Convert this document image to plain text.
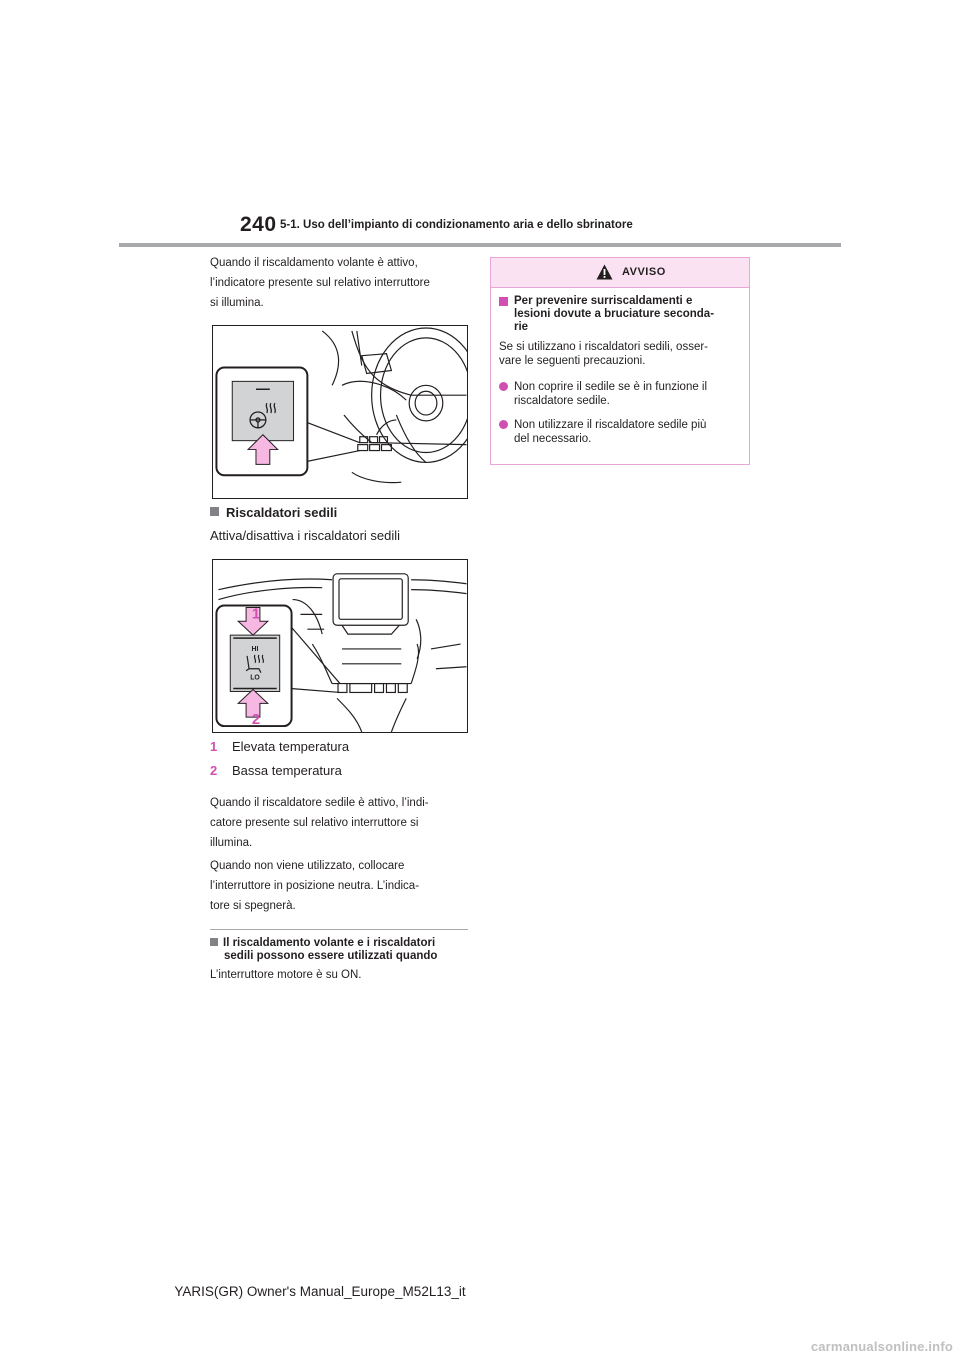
240 5-1. Uso dell’impianto di condizionamento aria e dello sbrinatore
Quando il riscaldamento volante è attivo,
l’indicatore presente sul relativo interruttore
si illumina.
Riscaldatori sedili
Attiva/disattiva i riscaldatori sedili
HI
LO
1
2
1 Elevata temperatura
2 Bassa temperatura
Quando il riscaldatore sedile è attivo, l’indi-
catore presente sul relativo interruttore si
illumina.
Quando non viene utilizzato, collocare
l’interruttore in posizione neutra. L’indica-
tore si spegnerà.
Il riscaldamento volante e i riscaldatori
sedili possono essere utilizzati quando
L’interruttore motore è su ON.
AVVISO
Per prevenire surriscaldamenti e
lesioni dovute a bruciature seconda-
rie
Se si utilizzano i riscaldatori sedili, osser-
vare le seguenti precauzioni.
Non coprire il sedile se è in funzione il
riscaldatore sedile.
Non utilizzare il riscaldatore sedile più
del necessario.
YARIS(GR) Owner's Manual_Europe_M52L13_it
carmanualsonline.info
